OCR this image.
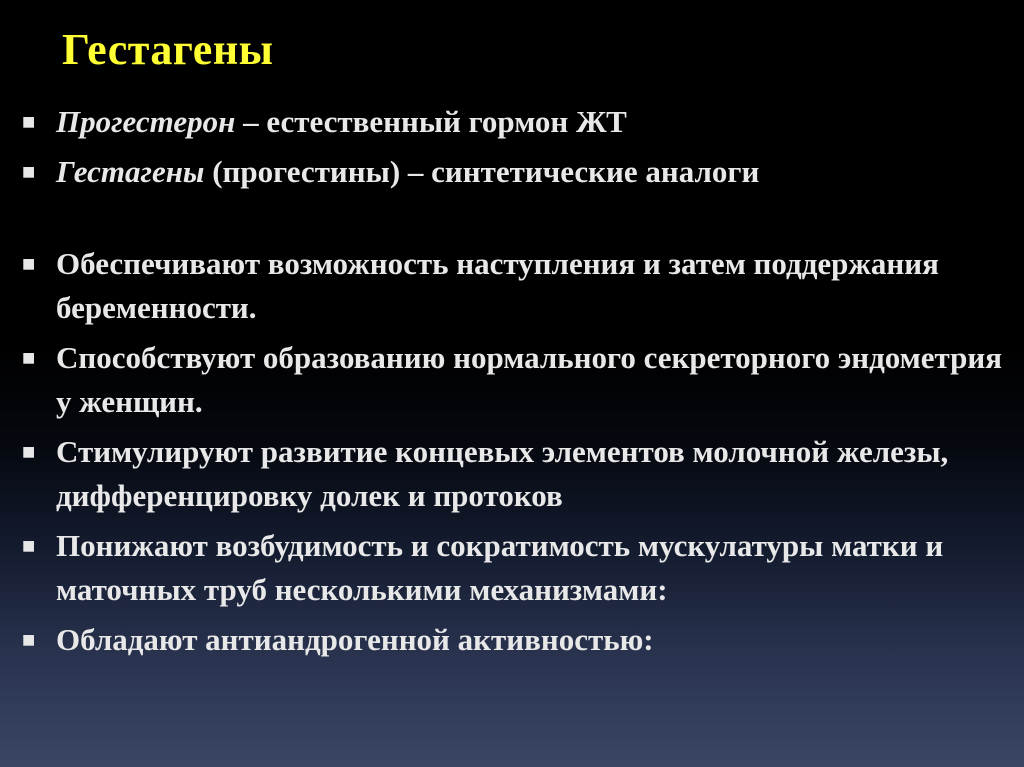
Гестагены
■ Прогестерон – естественный гормон ЖТ
■ Гестагены (прогестины) – синтетические аналоги
■ Обеспечивают возможность наступления и затем поддержания беременности.
■ Способствуют образованию нормального секреторного эндометрия у женщин.
■ Стимулируют развитие концевых элементов молочной железы, дифференцировку долек и протоков
■ Понижают возбудимость и сократимость мускулатуры матки и маточных труб несколькими механизмами:
■ Обладают антиандрогенной активностью:
